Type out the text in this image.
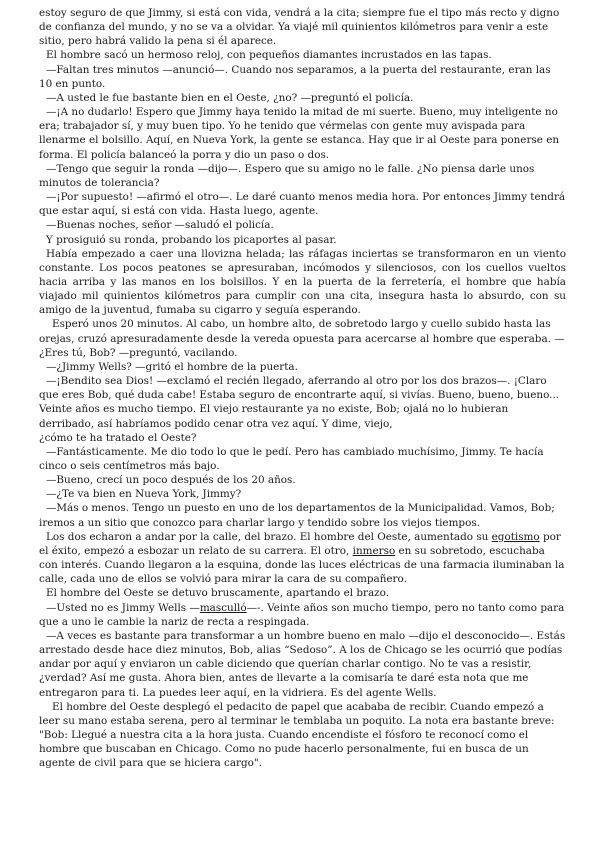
estoy seguro de que Jimmy, si está con vida, vendrá a la cita; siempre fue el tipo más recto y digno de confianza del mundo, y no se va a olvidar. Ya viajé mil quinientos kilómetros para venir a este sitio, pero habrá valido la pena si él aparece.

El hombre sacó un hermoso reloj, con pequeños diamantes incrustados en las tapas.

—Faltan tres minutos —anunció—. Cuando nos separamos, a la puerta del restaurante, eran las 10 en punto.

—A usted le fue bastante bien en el Oeste, ¿no? —preguntó el policía.

—¡A no dudarlo! Espero que Jimmy haya tenido la mitad de mi suerte. Bueno, muy inteligente no era; trabajador sí, y muy buen tipo. Yo he tenido que vérmelas con gente muy avispada para llenarme el bolsillo. Aquí, en Nueva York, la gente se estanca. Hay que ir al Oeste para ponerse en forma. El policía balanceó la porra y dio un paso o dos.

—Tengo que seguir la ronda —dijo—. Espero que su amigo no le falle. ¿No piensa darle unos minutos de tolerancia?

—¡Por supuesto! —afirmó el otro—. Le daré cuanto menos media hora. Por entonces Jimmy tendrá que estar aquí, si está con vida. Hasta luego, agente.

—Buenas noches, señor —saludó el policía.

Y prosiguió su ronda, probando los picaportes al pasar.

Había empezado a caer una llovizna helada; las ráfagas inciertas se transformaron en un viento constante. Los pocos peatones se apresuraban, incómodos y silenciosos, con los cuellos vueltos hacia arriba y las manos en los bolsillos. Y en la puerta de la ferretería, el hombre que había viajado mil quinientos kilómetros para cumplir con una cita, insegura hasta lo absurdo, con su amigo de la juventud, fumaba su cigarro y seguía esperando.

Esperó unos 20 minutos. Al cabo, un hombre alto, de sobretodo largo y cuello subido hasta las orejas, cruzó apresuradamente desde la vereda opuesta para acercarse al hombre que esperaba. —¿Eres tú, Bob? —preguntó, vacilando.

—¿Jimmy Wells? —gritó el hombre de la puerta.

—¡Bendito sea Dios! —exclamó el recién llegado, aferrando al otro por los dos brazos—. ¡Claro que eres Bob, qué duda cabe! Estaba seguro de encontrarte aquí, si vivías. Bueno, bueno, bueno... Veinte años es mucho tiempo. El viejo restaurante ya no existe, Bob; ojalá no lo hubieran derribado, así habríamos podido cenar otra vez aquí. Y dime, viejo,

¿cómo te ha tratado el Oeste?

—Fantásticamente. Me dio todo lo que le pedí. Pero has cambiado muchísimo, Jimmy. Te hacía cinco o seis centímetros más bajo.

—Bueno, crecí un poco después de los 20 años.

—¿Te va bien en Nueva York, Jimmy?

—Más o menos. Tengo un puesto en uno de los departamentos de la Municipalidad. Vamos, Bob; iremos a un sitio que conozco para charlar largo y tendido sobre los viejos tiempos.

Los dos echaron a andar por la calle, del brazo. El hombre del Oeste, aumentado su egotismo por el éxito, empezó a esbozar un relato de su carrera. El otro, inmerso en su sobretodo, escuchaba con interés. Cuando llegaron a la esquina, donde las luces eléctricas de una farmacia iluminaban la calle, cada uno de ellos se volvió para mirar la cara de su compañero.

El hombre del Oeste se detuvo bruscamente, apartando el brazo.

—Usted no es Jimmy Wells —masculló—-. Veinte años son mucho tiempo, pero no tanto como para que a uno le cambie la nariz de recta a respingada.

—A veces es bastante para transformar a un hombre bueno en malo —dijo el desconocido—. Estás arrestado desde hace diez minutos, Bob, alias “Sedoso”. A los de Chicago se les ocurrió que podías andar por aquí y enviaron un cable diciendo que querían charlar contigo. No te vas a resistir, ¿verdad? Así me gusta. Ahora bien, antes de llevarte a la comisaría te daré esta nota que me entregaron para ti. La puedes leer aquí, en la vidriera. Es del agente Wells.

El hombre del Oeste desplegó el pedacito de papel que acababa de recibir. Cuando empezó a leer su mano estaba serena, pero al terminar le temblaba un poquito. La nota era bastante breve: "Bob: Llegué a nuestra cita a la hora justa. Cuando encendiste el fósforo te reconocí como el hombre que buscaban en Chicago. Como no pude hacerlo personalmente, fui en busca de un agente de civil para que se hiciera cargo".
